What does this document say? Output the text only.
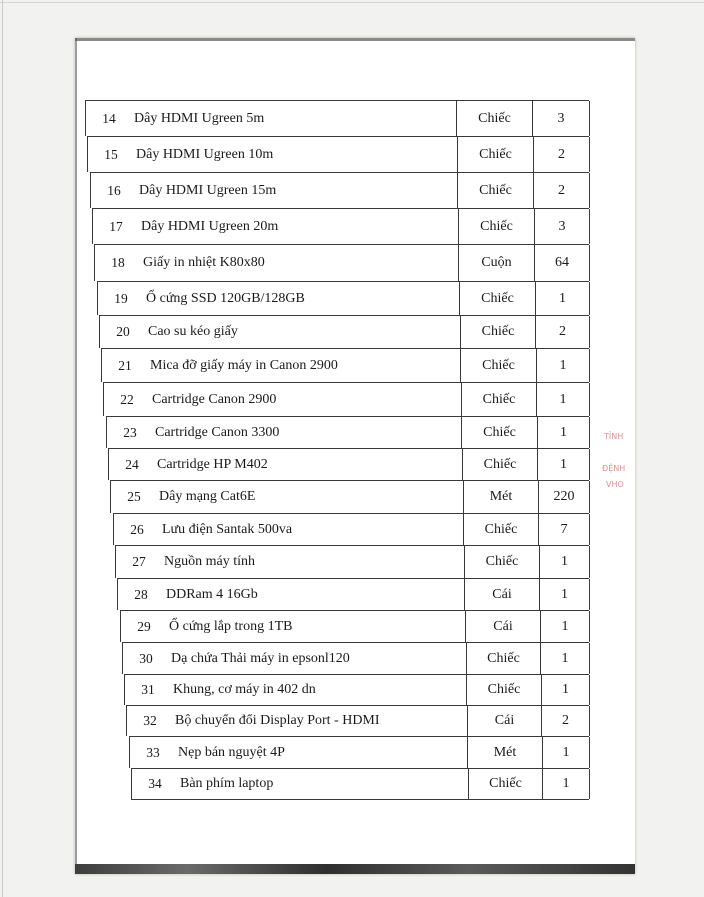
14	Dây HDMI Ugreen 5m	Chiếc	3
15	Dây HDMI Ugreen 10m	Chiếc	2
16	Dây HDMI Ugreen 15m	Chiếc	2
17	Dây HDMI Ugreen 20m	Chiếc	3
18	Giấy in nhiệt K80x80	Cuộn	64
19	Ổ cứng SSD 120GB/128GB	Chiếc	1
20	Cao su kéo giấy	Chiếc	2
21	Mica đỡ giấy máy in Canon 2900	Chiếc	1
22	Cartridge Canon 2900	Chiếc	1
23	Cartridge Canon 3300	Chiếc	1
24	Cartridge HP M402	Chiếc	1
25	Dây mạng Cat6E	Mét	220
26	Lưu điện Santak 500va	Chiếc	7
27	Nguồn máy tính	Chiếc	1
28	DDRam 4 16Gb	Cái	1
29	Ổ cứng lắp trong 1TB	Cái	1
30	Dạ chứa Thải máy in epsonl120	Chiếc	1
31	Khung, cơ máy in 402 dn	Chiếc	1
32	Bộ chuyển đổi Display Port - HDMI	Cái	2
33	Nẹp bán nguyệt 4P	Mét	1
34	Bàn phím laptop	Chiếc	1
TỈNH
ĐỆNH
VHO
